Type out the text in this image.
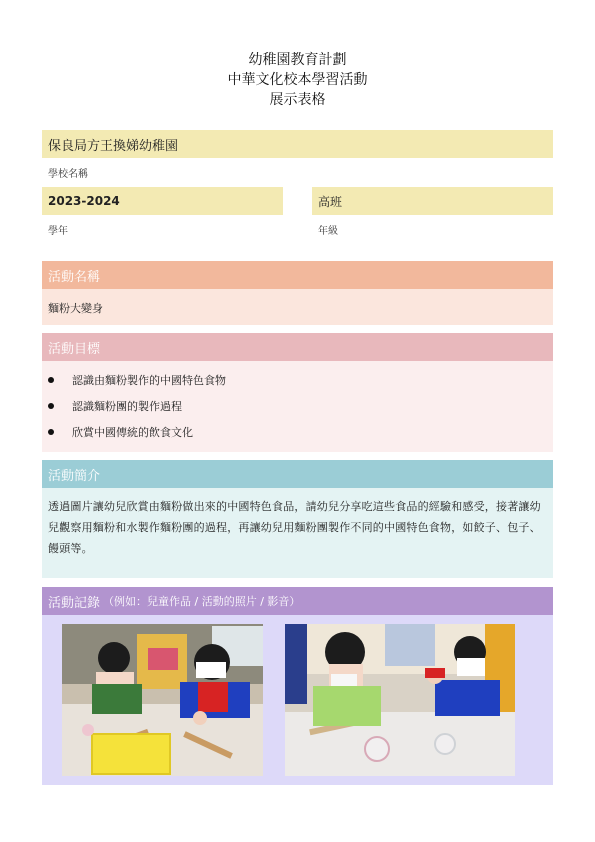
幼稚園教育計劃
中華文化校本學習活動
展示表格
保良局方王換娣幼稚園
學校名稱
2023-2024
學年
高班
年級
活動名稱
麵粉大變身
活動目標
認識由麵粉製作的中國特色食物
認識麵粉團的製作過程
欣賞中國傳統的飲食文化
活動簡介
透過圖片讓幼兒欣賞由麵粉做出來的中國特色食品，請幼兒分享吃這些食品的經驗和感受，接著讓幼兒觀察用麵粉和水製作麵粉團的過程，再讓幼兒用麵粉團製作不同的中國特色食物，如餃子、包子、饅頭等。
活動記錄 （例如：兒童作品 / 活動的照片 / 影音）
